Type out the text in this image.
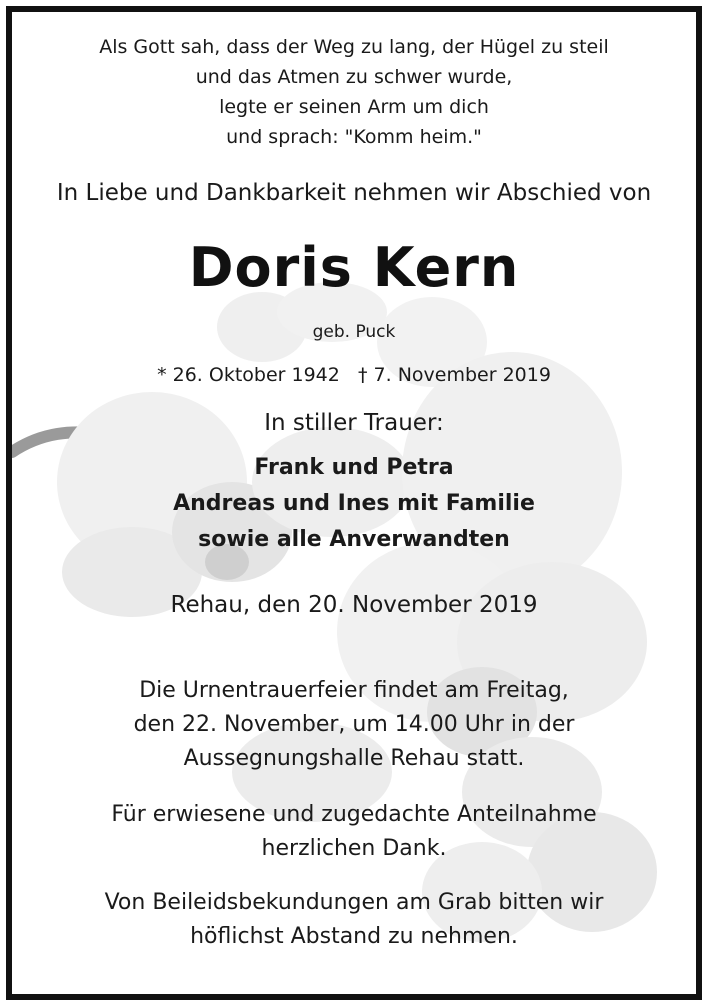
Als Gott sah, dass der Weg zu lang, der Hügel zu steil
und das Atmen zu schwer wurde,
legte er seinen Arm um dich
und sprach: "Komm heim."
In Liebe und Dankbarkeit nehmen wir Abschied von
Doris Kern
geb. Puck
* 26. Oktober 1942 † 7. November 2019
In stiller Trauer:
Frank und Petra
Andreas und Ines mit Familie
sowie alle Anverwandten
Rehau, den 20. November 2019
Die Urnentrauerfeier findet am Freitag,
den 22. November, um 14.00 Uhr in der
Aussegnungshalle Rehau statt.
Für erwiesene und zugedachte Anteilnahme
herzlichen Dank.
Von Beileidsbekundungen am Grab bitten wir
höflichst Abstand zu nehmen.
